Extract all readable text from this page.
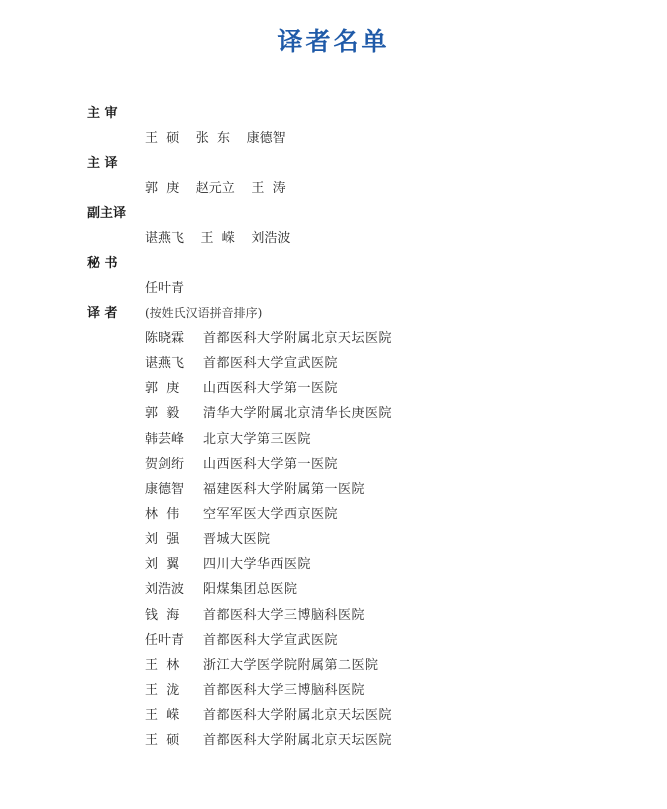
译者名单
主 审
王  硕    张  东    康德智
主 译
郭  庚    赵元立    王  涛
副主译
谌燕飞    王  嵘    刘浩波
秘 书
任叶青
译 者	(按姓氏汉语拼音排序)
陈晓霖	首都医科大学附属北京天坛医院
谌燕飞	首都医科大学宣武医院
郭  庚	山西医科大学第一医院
郭  毅	清华大学附属北京清华长庚医院
韩芸峰	北京大学第三医院
贺剑绗	山西医科大学第一医院
康德智	福建医科大学附属第一医院
林  伟	空军军医大学西京医院
刘  强	晋城大医院
刘  翼	四川大学华西医院
刘浩波	阳煤集团总医院
钱  海	首都医科大学三博脑科医院
任叶青	首都医科大学宣武医院
王  林	浙江大学医学院附属第二医院
王  泷	首都医科大学三博脑科医院
王  嵘	首都医科大学附属北京天坛医院
王  硕	首都医科大学附属北京天坛医院
